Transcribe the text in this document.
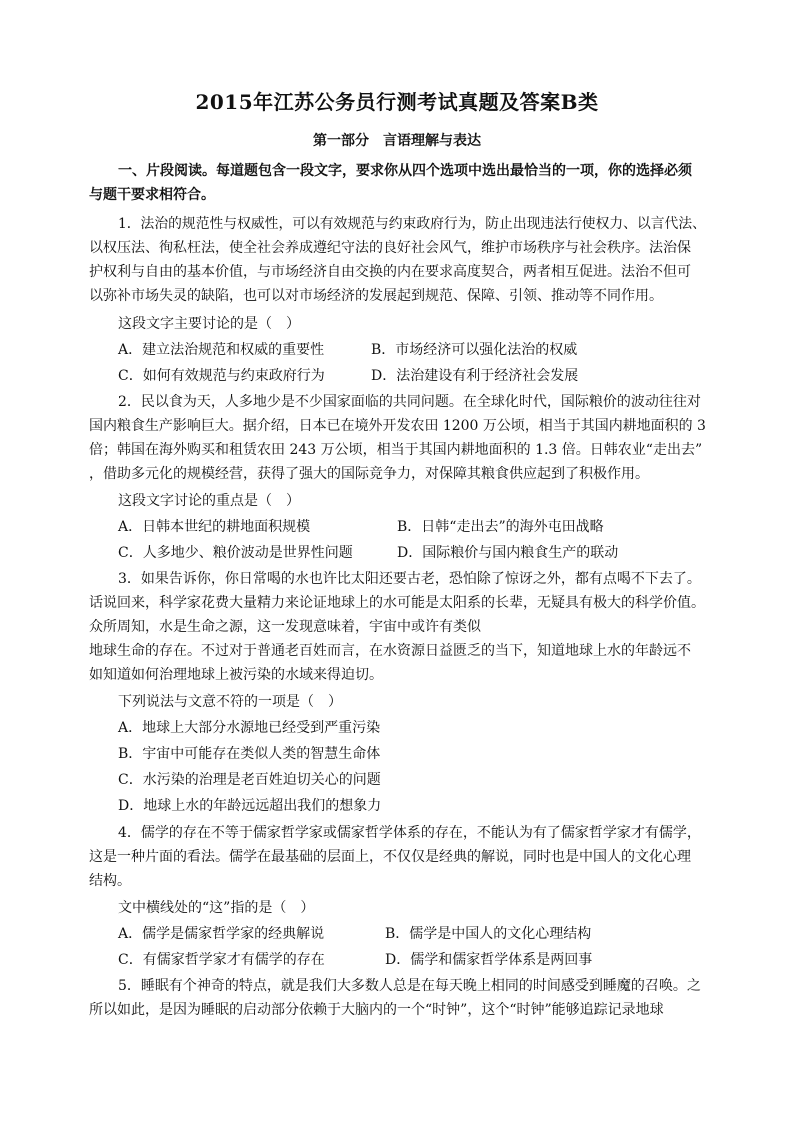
2015年江苏公务员行测考试真题及答案B类
第一部分　言语理解与表达
一、片段阅读。每道题包含一段文字，要求你从四个选项中选出最恰当的一项，你的选择必须
与题干要求相符合。
1．法治的规范性与权威性，可以有效规范与约束政府行为，防止出现违法行使权力、以言代法、
以权压法、徇私枉法，使全社会养成遵纪守法的良好社会风气，维护市场秩序与社会秩序。法治保
护权利与自由的基本价值，与市场经济自由交换的内在要求高度契合，两者相互促进。法治不但可
以弥补市场失灵的缺陷，也可以对市场经济的发展起到规范、保障、引领、推动等不同作用。
这段文字主要讨论的是（　）
A．建立法治规范和权威的重要性	B．市场经济可以强化法治的权威
C．如何有效规范与约束政府行为	D．法治建设有利于经济社会发展
2．民以食为天，人多地少是不少国家面临的共同问题。在全球化时代，国际粮价的波动往往对
国内粮食生产影响巨大。据介绍，日本已在境外开发农田 1200 万公顷，相当于其国内耕地面积的 3
倍；韩国在海外购买和租赁农田 243 万公顷，相当于其国内耕地面积的 1.3 倍。日韩农业“走出去”
，借助多元化的规模经营，获得了强大的国际竞争力，对保障其粮食供应起到了积极作用。
这段文字讨论的重点是（　）
A．日韩本世纪的耕地面积规模	B．日韩“走出去”的海外屯田战略
C．人多地少、粮价波动是世界性问题	D．国际粮价与国内粮食生产的联动
3．如果告诉你，你日常喝的水也许比太阳还要古老，恐怕除了惊讶之外，都有点喝不下去了。
话说回来，科学家花费大量精力来论证地球上的水可能是太阳系的长辈，无疑具有极大的科学价值。
众所周知，水是生命之源，这一发现意味着，宇宙中或许有类似
地球生命的存在。不过对于普通老百姓而言，在水资源日益匮乏的当下，知道地球上水的年龄远不
如知道如何治理地球上被污染的水域来得迫切。
下列说法与文意不符的一项是（　）
A．地球上大部分水源地已经受到严重污染
B．宇宙中可能存在类似人类的智慧生命体
C．水污染的治理是老百姓迫切关心的问题
D．地球上水的年龄远远超出我们的想象力
4．儒学的存在不等于儒家哲学家或儒家哲学体系的存在，不能认为有了儒家哲学家才有儒学，
这是一种片面的看法。儒学在最基础的层面上，不仅仅是经典的解说，同时也是中国人的文化心理
结构。
文中横线处的“这”指的是（　）
A．儒学是儒家哲学家的经典解说	B．儒学是中国人的文化心理结构
C．有儒家哲学家才有儒学的存在	D．儒学和儒家哲学体系是两回事
5．睡眠有个神奇的特点，就是我们大多数人总是在每天晚上相同的时间感受到睡魔的召唤。之
所以如此，是因为睡眠的启动部分依赖于大脑内的一个“时钟”，这个“时钟”能够追踪记录地球
